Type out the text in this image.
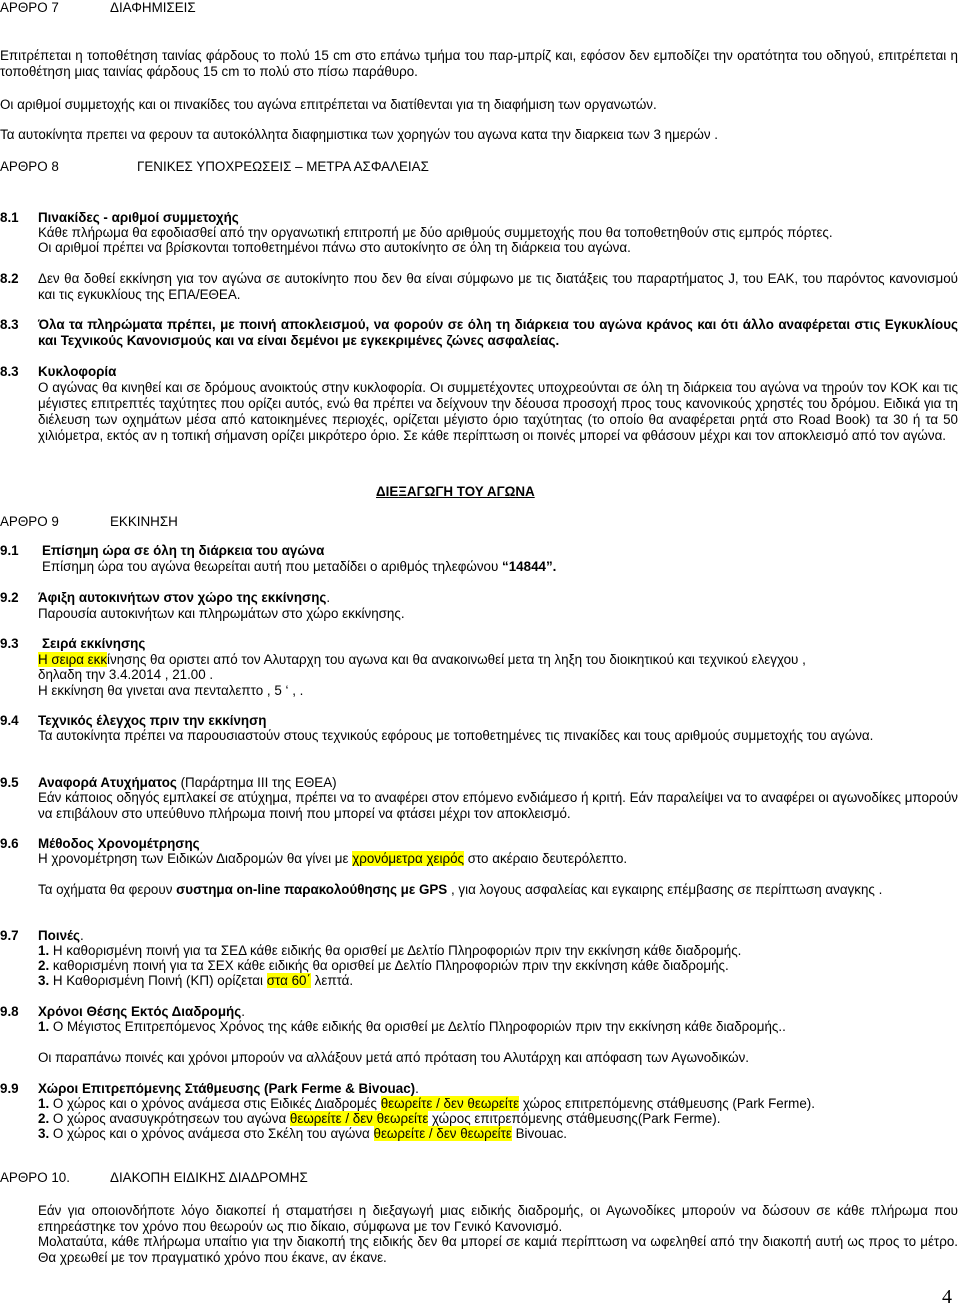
ΑΡΘΡΟ 7	ΔΙΑΦΗΜΙΣΕΙΣ
Επιτρέπεται η τοποθέτηση ταινίας φάρδους το πολύ 15 cm στο επάνω τμήμα του παρ-μπρίζ και, εφόσον δεν εμποδίζει την ορατότητα του οδηγού, επιτρέπεται η τοποθέτηση μιας ταινίας φάρδους 15 cm το πολύ στο πίσω παράθυρο.
Οι αριθμοί συμμετοχής και οι πινακίδες του αγώνα επιτρέπεται να διατίθενται για τη διαφήμιση των οργανωτών.
Τα αυτοκίνητα πρεπει να φερουν τα αυτοκόλλητα διαφημιστικα των χορηγών του αγωνα κατα την διαρκεια των 3 ημερών .
ΑΡΘΡΟ 8	ΓΕΝΙΚΕΣ ΥΠΟΧΡΕΩΣΕΙΣ – ΜΕΤΡΑ ΑΣΦΑΛΕΙΑΣ
8.1 Πινακίδες - αριθμοί συμμετοχής
Κάθε πλήρωμα θα εφοδιασθεί από την οργανωτική επιτροπή με δύο αριθμούς συμμετοχής που θα τοποθετηθούν στις εμπρός πόρτες.
Οι αριθμοί πρέπει να βρίσκονται τοποθετημένοι πάνω στο αυτοκίνητο σε όλη τη διάρκεια του αγώνα.
8.2 Δεν θα δοθεί εκκίνηση για τον αγώνα σε αυτοκίνητο που δεν θα είναι σύμφωνο με τις διατάξεις του παραρτήματος J, του ΕΑΚ, του παρόντος κανονισμού και τις εγκυκλίους της ΕΠΑ/ΕΘΕΑ.
8.3 Όλα τα πληρώματα πρέπει, με ποινή αποκλεισμού, να φορούν σε όλη τη διάρκεια του αγώνα κράνος και ότι άλλο αναφέρεται στις Εγκυκλίους και Τεχνικούς Κανονισμούς και να είναι δεμένοι με εγκεκριμένες ζώνες ασφαλείας.
8.3 Κυκλοφορία
Ο αγώνας θα κινηθεί και σε δρόμους ανοικτούς στην κυκλοφορία. Οι συμμετέχοντες υποχρεούνται σε όλη τη διάρκεια του αγώνα να τηρούν τον ΚΟΚ και τις μέγιστες επιτρεπτές ταχύτητες που ορίζει αυτός, ενώ θα πρέπει να δείχνουν την δέουσα προσοχή προς τους κανονικούς χρηστές του δρόμου. Ειδικά για τη διέλευση των οχημάτων μέσα από κατοικημένες περιοχές, ορίζεται μέγιστο όριο ταχύτητας (το οποίο θα αναφέρεται ρητά στο Road Book) τα 30 ή τα 50 χιλιόμετρα, εκτός αν η τοπική σήμανση ορίζει μικρότερο όριο. Σε κάθε περίπτωση οι ποινές μπορεί να φθάσουν μέχρι και τον αποκλεισμό από τον αγώνα.
ΔΙΕΞΑΓΩΓΗ ΤΟΥ ΑΓΩΝΑ
ΑΡΘΡΟ 9	ΕΚΚΙΝΗΣΗ
9.1 Επίσημη ώρα σε όλη τη διάρκεια του αγώνα
Επίσημη ώρα του αγώνα θεωρείται αυτή που μεταδίδει ο αριθμός τηλεφώνου “14844”.
9.2 Άφιξη αυτοκινήτων στον χώρο της εκκίνησης.
Παρουσία αυτοκινήτων και πληρωμάτων στο χώρο εκκίνησης.
9.3 Σειρά εκκίνησης
Η σειρα εκκίνησης θα οριστει από τον Αλυταρχη του αγωνα και θα ανακοινωθεί μετα τη ληξη του διοικητικού και τεχνικού ελεγχου ,
δηλαδη την 3.4.2014 , 21.00 .
Η εκκίνηση θα γινεται ανα πενταλεπτο , 5 ‘ , .
9.4 Τεχνικός έλεγχος πριν την εκκίνηση
Τα αυτοκίνητα πρέπει να παρουσιαστούν στους τεχνικούς εφόρους με τοποθετημένες τις πινακίδες και τους αριθμούς συμμετοχής του αγώνα.
9.5 Αναφορά Ατυχήματος (Παράρτημα ΙΙΙ της ΕΘΕΑ)
Εάν κάποιος οδηγός εμπλακεί σε ατύχημα, πρέπει να το αναφέρει στον επόμενο ενδιάμεσο ή κριτή. Εάν παραλείψει να το αναφέρει οι αγωνοδίκες μπορούν να επιβάλουν στο υπεύθυνο πλήρωμα ποινή που μπορεί να φτάσει μέχρι τον αποκλεισμό.
9.6 Μέθοδος Χρονομέτρησης
Η χρονομέτρηση των Ειδικών Διαδρομών θα γίνει με χρονόμετρα χειρός στο ακέραιο δευτερόλεπτο.
Τα οχήματα θα φερουν συστημα on-line παρακολούθησης με GPS , για λογους ασφαλείας και εγκαιρης επέμβασης σε περίπτωση αναγκης .
9.7 Ποινές.
1. Η καθορισμένη ποινή για τα ΣΕΔ κάθε ειδικής θα ορισθεί με Δελτίο Πληροφοριών πριν την εκκίνηση κάθε διαδρομής.
2. καθορισμένη ποινή για τα ΣΕΧ κάθε ειδικής θα ορισθεί με Δελτίο Πληροφοριών πριν την εκκίνηση κάθε διαδρομής.
3. Η Καθορισμένη Ποινή (ΚΠ) ορίζεται στα 60΄ λεπτά.
9.8 Χρόνοι Θέσης Εκτός Διαδρομής.
1. Ο Μέγιστος Επιτρεπόμενος Χρόνος της κάθε ειδικής θα ορισθεί με Δελτίο Πληροφοριών πριν την εκκίνηση κάθε διαδρομής..
Οι παραπάνω ποινές και χρόνοι μπορούν να αλλάξουν μετά από πρόταση του Αλυτάρχη και απόφαση των Αγωνοδικών.
9.9 Χώροι Επιτρεπόμενης Στάθμευσης (Park Ferme & Bivouac).
1. Ο χώρος και ο χρόνος ανάμεσα στις Ειδικές Διαδρομές θεωρείτε / δεν θεωρείτε χώρος επιτρεπόμενης στάθμευσης (Park Ferme).
2. Ο χώρος ανασυγκρότησεων του αγώνα θεωρείτε / δεν θεωρείτε χώρος επιτρεπόμενης στάθμευσης(Park Ferme).
3. Ο χώρος και ο χρόνος ανάμεσα στο Σκέλη του αγώνα θεωρείτε / δεν θεωρείτε Bivouac.
ΑΡΘΡΟ 10.	ΔΙΑΚΟΠΗ ΕΙΔΙΚΗΣ ΔΙΑΔΡΟΜΗΣ
Εάν για οποιονδήποτε λόγο διακοπεί ή σταματήσει η διεξαγωγή μιας ειδικής διαδρομής, οι Αγωνοδίκες μπορούν να δώσουν σε κάθε πλήρωμα που επηρεάστηκε τον χρόνο που θεωρούν ως πιο δίκαιο, σύμφωνα με τον Γενικό Κανονισμό.
Μολαταύτα, κάθε πλήρωμα υπαίτιο για την διακοπή της ειδικής δεν θα μπορεί σε καμιά περίπτωση να ωφεληθεί από την διακοπή αυτή ως προς το μέτρο. Θα χρεωθεί με τον πραγματικό χρόνο που έκανε, αν έκανε.
4
